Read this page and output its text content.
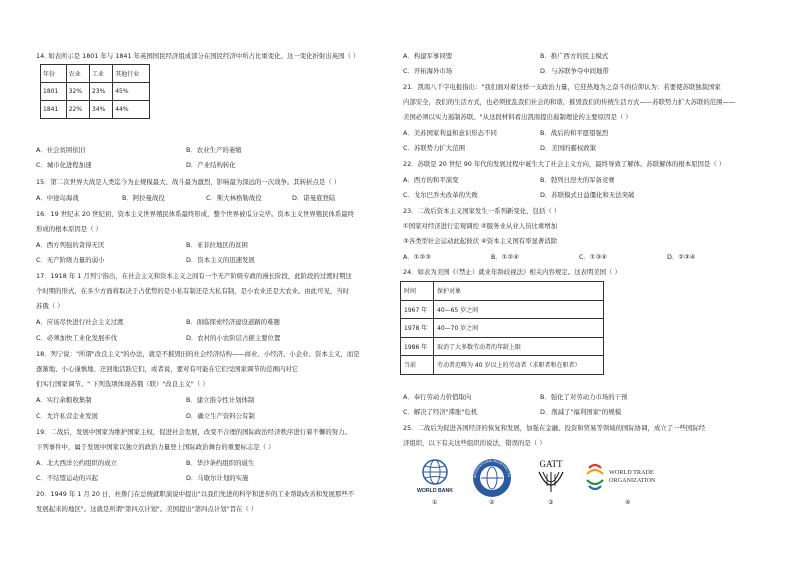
14. 如表所示是 1801 年与 1841 年英国国民经济组成部分在国民经济中所占比重变化。这一变化折射出英国（ ）
年份	农业	工业	其他行业
1801	32%	23%	45%
1841	22%	34%	44%
A．社会贫困依旧	B．农业生产的萎缩
C．城市化进程加速	D．产业结构转化
15．第二次世界大战是人类迄今为止规模最大、战斗最为激烈、影响最为深远的一次战争。其转折点是（ ）
A．中途岛海战	B．阿拉曼战役	C．斯大林格勒战役	D．诺曼底登陆
16．19 世纪末 20 世纪初，资本主义世界殖民体系最终形成，整个世界被瓜分完毕。资本主义世界殖民体系最终
形成的根本原因是（ ）
A．西方列强的贪得无厌	B．亚非拉地区的贫困
C．无产阶级力量的弱小	D．资本主义的迅速发展
17．1918 年 1 月列宁指出，在社会主义和资本主义之间有一个无产阶级专政的漫长阶段，此阶段的过渡时期这
个时期的形式，在多少方面将取决于占优势的是小私有制还是大私有制，是小农业还是大农业。由此可见，当时
苏俄（ ）
A．应该尽快进行社会主义过渡	B．面临探索经济建设道路的难题
C．必须加快工业化发展步伐	D．农村的小农阶层占据主要位置
18．列宁说："所谓"改良主义"的办法，就是不摧毁旧的社会经济结构——商业、小经济、小企业、资本主义，而是
逐渐地、小心谨慎地、迂回地活跃它们，或者说，要对有可能在它们受国家调节的范围内对它
们实行国家调节。" 下列选项体现苏俄（联）"改良主义"（ ）
A．实行余粮收集制	B．建立指令性计划体制
C．允许私营企业发展	D．确立生产资料公有制
19．二战后，发展中国家为维护国家主权，促进社会发展，改变不合理的国际政治经济秩序进行着不懈的努力。
下列事件中，属于发展中国家以独立的政治力量登上国际政治舞台的重要标志是（ ）
A．北大西洋公约组织的成立	B．华沙条约组织的诞生
C．不结盟运动的兴起	D．马歇尔计划的实施
20．1949 年 1 月 20 日，杜鲁门在总统就职演说中提出"以我们先进的科学和进步的工业帮助改善和发展那些不
发展起来的地区"。这就是所谓"第四点计划"。美国提出"第四点计划"旨在（ ）
A．构建军事同盟	B．推广西方的民主模式
C．开拓海外市场	D．与苏联争夺中间地带
21．凯南八千字电报指出："我们面对着这样一支政治力量，它狂热地为之奋斗的信仰认为：若要使苏联独裁国家
内部安全，我们的生活方式，也必须扰乱我们社会的和谐，摧毁我们的传统生活方式——苏联势力扩大苏联的范围——
美国必须以实力遏制苏联。"从这段材料看出凯南提出遏制理论的主要原因是（ ）
A．美苏国家利益和意识形态不同	B．战后的和平愿望强烈
C．苏联势力扩大范围	D．美国的霸权政策
22．苏联是 20 世纪 90 年代的发展过程中诞生大了社会主义方向，最终导致了解体。苏联解体的根本原因是（ ）
A．西方的和平演变	B．勃列日涅夫的军备竞赛
C．戈尔巴乔夫改革的失败	D．苏联模式日益僵化和无法突破
23．二战后资本主义国家发生一系列新变化，包括（ ）
①国家对经济进行宏观调控 ②服务业从业人员比重增加
③各类型社会运动此起彼伏 ④资本主义国有率显著消除
A．①②③	B．①②④	C．①③④	D．②③④
24．如表为美国《（禁止）就业年龄歧视法》相关内容规定。这表明美国（ ）
时间	保护对象
1967 年	40—65 岁之间
1978 年	40—70 岁之间
1986 年	取消了大多数劳动者的年龄上限
当前	劳动者范畴为 40 岁以上的劳动者（求职者和在职者）
A．奉行劳动力价值取向	B．强化了对劳动力市场的干预
C．解决了经济"滞胀"危机	D．削减了"福利国家"的规模
25．二战后为促进各国经济的恢复和发展，加强在金融、投资和贸易等领域的国际协调，成立了一些国际经
济组织，以下有关这些组织的说法，错误的是（ ）
WORLD BANK
INTERNATIONAL MONETARY FU
GATT
WORLD TRADE
ORGANIZATION
①	②	③	④
